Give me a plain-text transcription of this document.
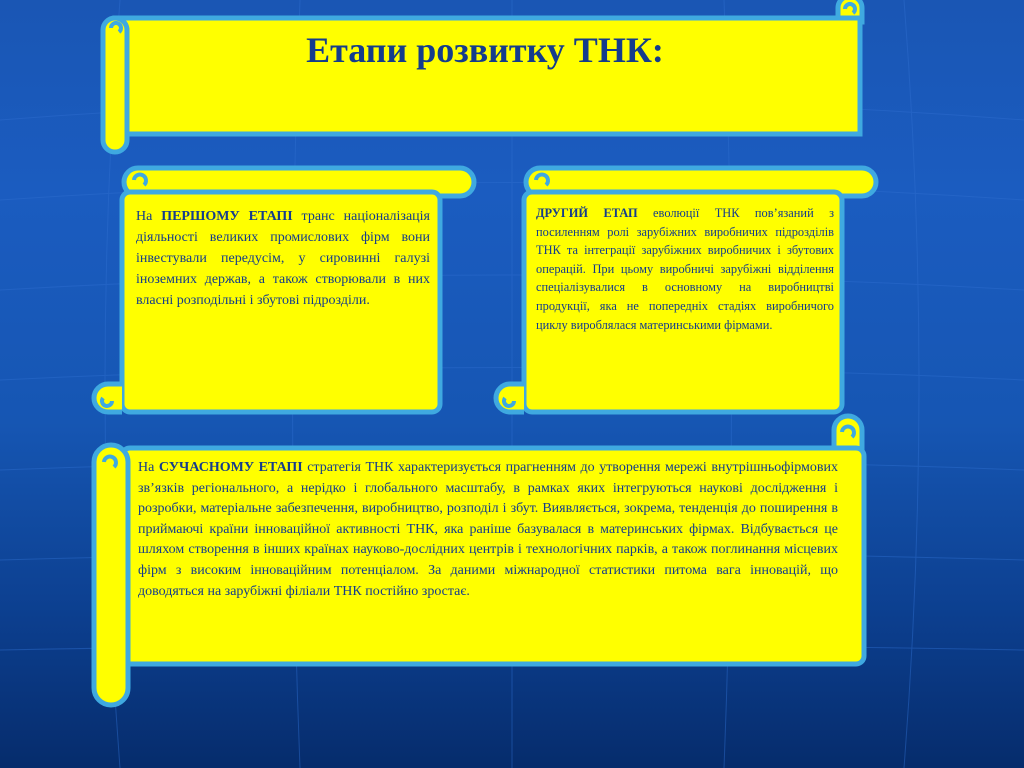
Етапи розвитку ТНК:
На ПЕРШОМУ ЕТАПІ транс націоналізація діяльності великих промислових фірм вони інвестували передусім, у сировинні галузі іноземних держав, а також створювали в них власні розподільні і збутові підрозділи.
ДРУГИЙ ЕТАП еволюції ТНК пов’язаний з посиленням ролі зарубіжних виробничих підрозділів ТНК та інтеграції зарубіжних виробничих і збутових операцій. При цьому виробничі зарубіжні відділення спеціалізувалися в основному на виробництві продукції, яка не попередніх стадіях виробничого циклу вироблялася материнськими фірмами.
На СУЧАСНОМУ ЕТАПІ стратегія ТНК характеризується прагненням до утворення мережі внутрішньофірмових зв’язків регіонального, а нерідко і глобального масштабу, в рамках яких інтегруються наукові дослідження і розробки, матеріальне забезпечення, виробництво, розподіл і збут. Виявляється, зокрема, тенденція до поширення в приймаючі країни інноваційної активності ТНК, яка раніше базувалася в материнських фірмах. Відбувається це шляхом створення в інших країнах науково-дослідних центрів і технологічних парків, а також поглинання місцевих фірм з високим інноваційним потенціалом. За даними міжнародної статистики питома вага інновацій, що доводяться на зарубіжні філіали ТНК постійно зростає.
